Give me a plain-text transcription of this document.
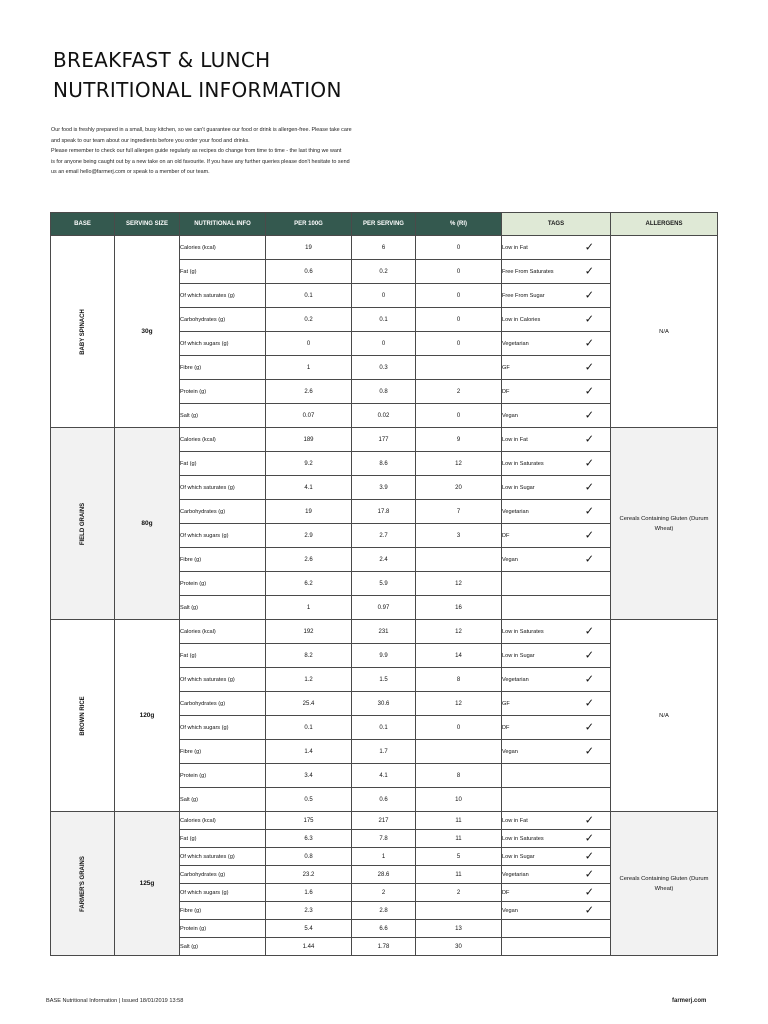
BREAKFAST & LUNCH
NUTRITIONAL INFORMATION
Our food is freshly prepared in a small, busy kitchen, so we can't guarantee our food or drink is allergen-free. Please take care
and speak to our team about our ingredients before you order your food and drinks.
Please remember to check our full allergen guide regularly as recipes do change from time to time - the last thing we want
is for anyone being caught out by a new take on an old favourite. If you have any further queries please don't hesitate to send
us an email hello@farmerj.com or speak to a member of our team.
BASE	SERVING SIZE	NUTRITIONAL INFO	PER 100G	PER SERVING	% (RI)	TAGS	ALLERGENS

BABY SPINACH	30g	Calories (kcal)	19	6	0	Low in Fat ✓	N/A
		Fat (g)	0.6	0.2	0	Free From Saturates ✓	

		Of which saturates (g)	0.1	0	0	Free From Sugar ✓	

		Carbohydrates (g)	0.2	0.1	0	Low in Calories ✓	

		Of which sugars (g)	0	0	0	Vegetarian ✓	

		Fibre (g)	1	0.3		GF ✓	

		Protein (g)	2.6	0.8	2	DF ✓	

		Salt (g)	0.07	0.02	0	Vegan ✓	

FIELD GRAINS	80g	Calories (kcal)	189	177	9	Low in Fat ✓	Cereals Containing Gluten (Durum Wheat)
		Fat (g)	9.2	8.6	12	Low in Saturates ✓	

		Of which saturates (g)	4.1	3.9	20	Low in Sugar ✓	

		Carbohydrates (g)	19	17.8	7	Vegetarian ✓	

		Of which sugars (g)	2.9	2.7	3	DF ✓	

		Fibre (g)	2.6	2.4		Vegan ✓	

		Protein (g)	6.2	5.9	12		
		Salt (g)	1	0.97	16		

BROWN RICE	120g	Calories (kcal)	192	231	12	Low in Saturates ✓	N/A
		Fat (g)	8.2	9.9	14	Low in Sugar ✓	

		Of which saturates (g)	1.2	1.5	8	Vegetarian ✓	

		Carbohydrates (g)	25.4	30.6	12	GF ✓	

		Of which sugars (g)	0.1	0.1	0	DF ✓	

		Fibre (g)	1.4	1.7		Vegan ✓	

		Protein (g)	3.4	4.1	8		
		Salt (g)	0.5	0.6	10		

FARMER'S GRAINS	125g	Calories (kcal)	175	217	11	Low in Fat ✓	Cereals Containing Gluten (Durum Wheat)
		Fat (g)	6.3	7.8	11	Low in Saturates ✓	

		Of which saturates (g)	0.8	1	5	Low in Sugar ✓	

		Carbohydrates (g)	23.2	28.6	11	Vegetarian ✓	

		Of which sugars (g)	1.6	2	2	DF ✓	

		Fibre (g)	2.3	2.8		Vegan ✓	

		Protein (g)	5.4	6.6	13		
		Salt (g)	1.44	1.78	30		
BASE Nutritional Information | Issued 18/01/2019 13:58	farmerj.com
